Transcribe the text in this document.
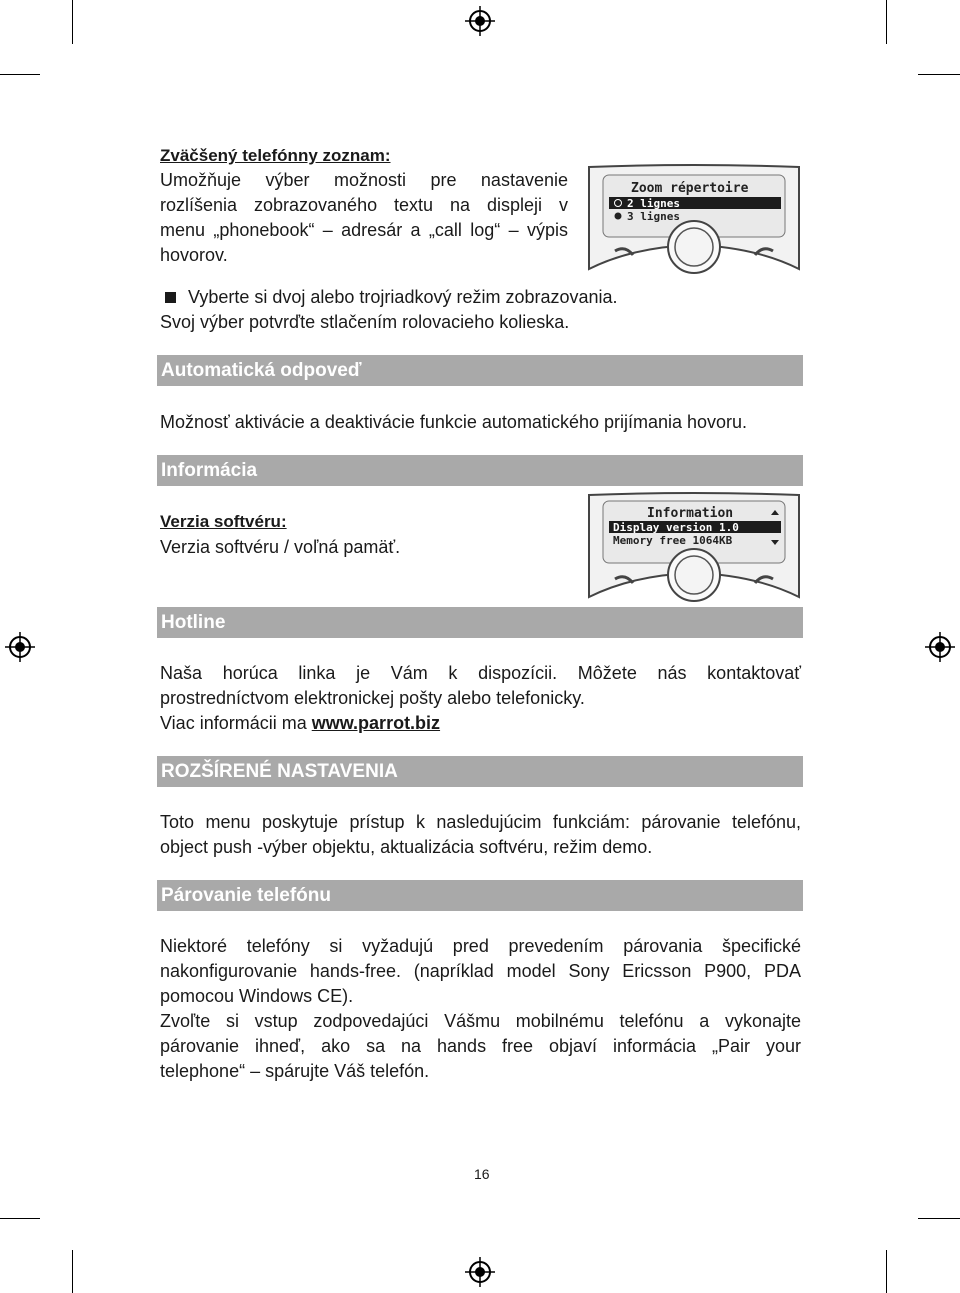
Zväčšený telefónny zoznam:
Umožňuje výber možnosti pre nastavenie
rozlíšenia zobrazovaného textu na displeji v
menu „phonebook“ – adresár a „call log“ – výpis
hovorov.
Vyberte si dvoj alebo trojriadkový režim zobrazovania.
Svoj výber potvrďte stlačením rolovacieho kolieska.
Zoom répertoire
2 lignes
3 lignes
Automatická odpoveď
Možnosť aktivácie a deaktivácie funkcie automatického prijímania hovoru.
Informácia
Verzia softvéru:
Verzia softvéru / voľná pamäť.
Information
Display version 1.0
Memory free 1064KB
Hotline
Naša horúca linka je Vám k dispozícii. Môžete nás kontaktovať
prostredníctvom elektronickej pošty alebo telefonicky.
Viac informácii ma www.parrot.biz
ROZŠÍRENÉ NASTAVENIA
Toto menu poskytuje prístup k nasledujúcim funkciám: párovanie telefónu,
object push -výber objektu, aktualizácia softvéru, režim demo.
Párovanie telefónu
Niektoré telefóny si vyžadujú pred prevedením párovania špecifické
nakonfigurovanie hands-free. (napríklad model Sony Ericsson P900, PDA
pomocou Windows CE).
Zvoľte si vstup zodpovedajúci Vášmu mobilnému telefónu a vykonajte
párovanie ihneď, ako sa na hands free objaví informácia „Pair your
telephone“ – spárujte Váš telefón.
16
